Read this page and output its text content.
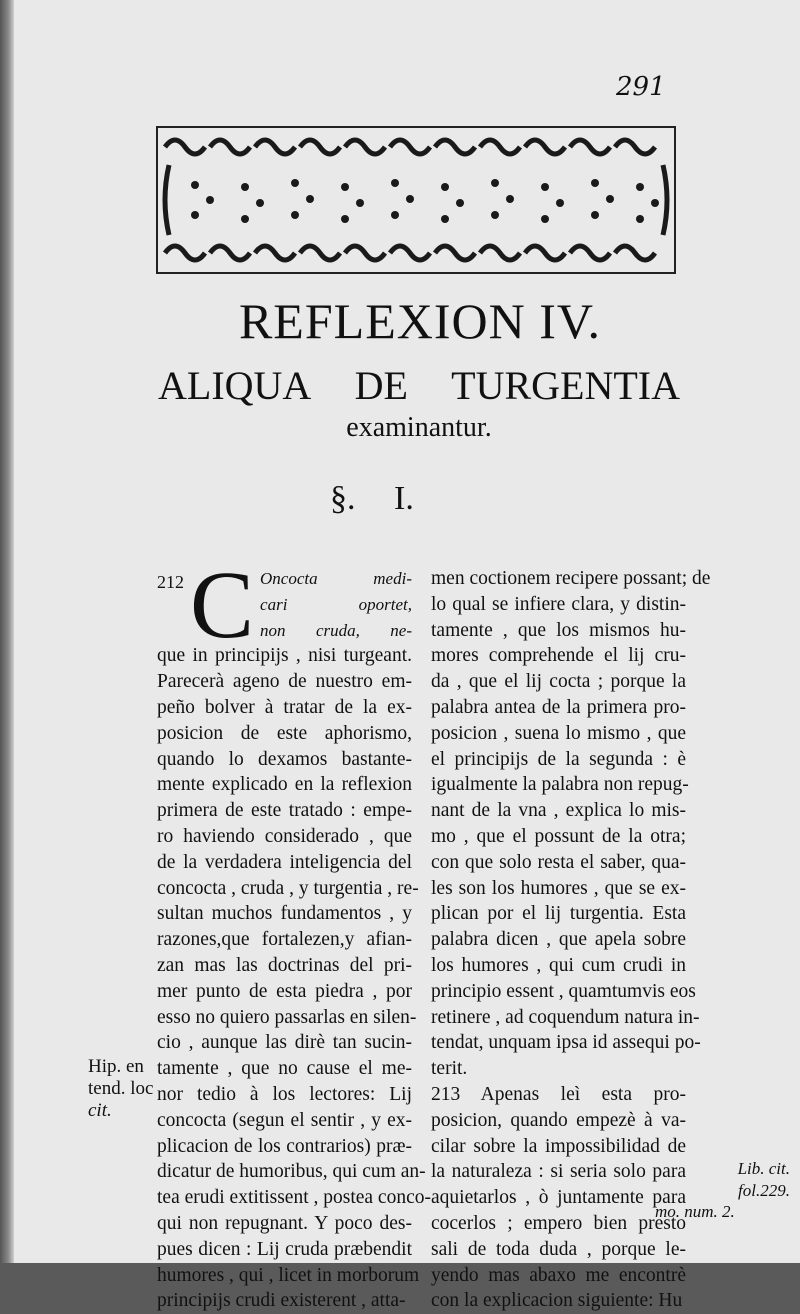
291
REFLEXION IV.
ALIQUA DE TURGENTIA
examinantur.
§. I.
212 C Oncocta medi-
cari oportet,
non cruda, ne-
que in principijs , nisi turgeant.
Parecerà ageno de nuestro em-
peño bolver à tratar de la ex-
posicion de este aphorismo,
quando lo dexamos bastante-
mente explicado en la reflexion
primera de este tratado : empe-
ro haviendo considerado , que
de la verdadera inteligencia del
concocta , cruda , y turgentia , re-
sultan muchos fundamentos , y
razones,que fortalezen,y afian-
zan mas las doctrinas del pri-
mer punto de esta piedra , por
esso no quiero passarlas en silen-
cio , aunque las dirè tan sucin-
tamente , que no cause el me-
nor tedio à los lectores: Lij
concocta (segun el sentir , y ex-
plicacion de los contrarios) præ-
dicatur de humoribus, qui cum an-
tea erudi extitissent , postea conco-
qui non repugnant. Y poco des-
pues dicen : Lij cruda præbendit
humores , qui , licet in morborum
principijs crudi existerent , atta-
men coctionem recipere possant; de
lo qual se infiere clara, y distin-
tamente , que los mismos hu-
mores comprehende el lij cru-
da , que el lij cocta ; porque la
palabra antea de la primera pro-
posicion , suena lo mismo , que
el principijs de la segunda : è
igualmente la palabra non repug-
nant de la vna , explica lo mis-
mo , que el possunt de la otra;
con que solo resta el saber, qua-
les son los humores , que se ex-
plican por el lij turgentia. Esta
palabra dicen , que apela sobre
los humores , qui cum crudi in
principio essent , quamtumvis eos
retinere , ad coquendum natura in-
tendat, unquam ipsa id assequi po-
terit.
213 Apenas leì esta pro-
posicion, quando empezè à va-
cilar sobre la impossibilidad de
la naturaleza : si seria solo para
aquietarlos , ò juntamente para
cocerlos ; empero bien presto
sali de toda duda , porque le-
yendo mas abaxo me encontrè
con la explicacion siguiente: Hu
Hip. en
tend. loc
cit.
Lib. cit.
fol.229.
mo. num. 2.
